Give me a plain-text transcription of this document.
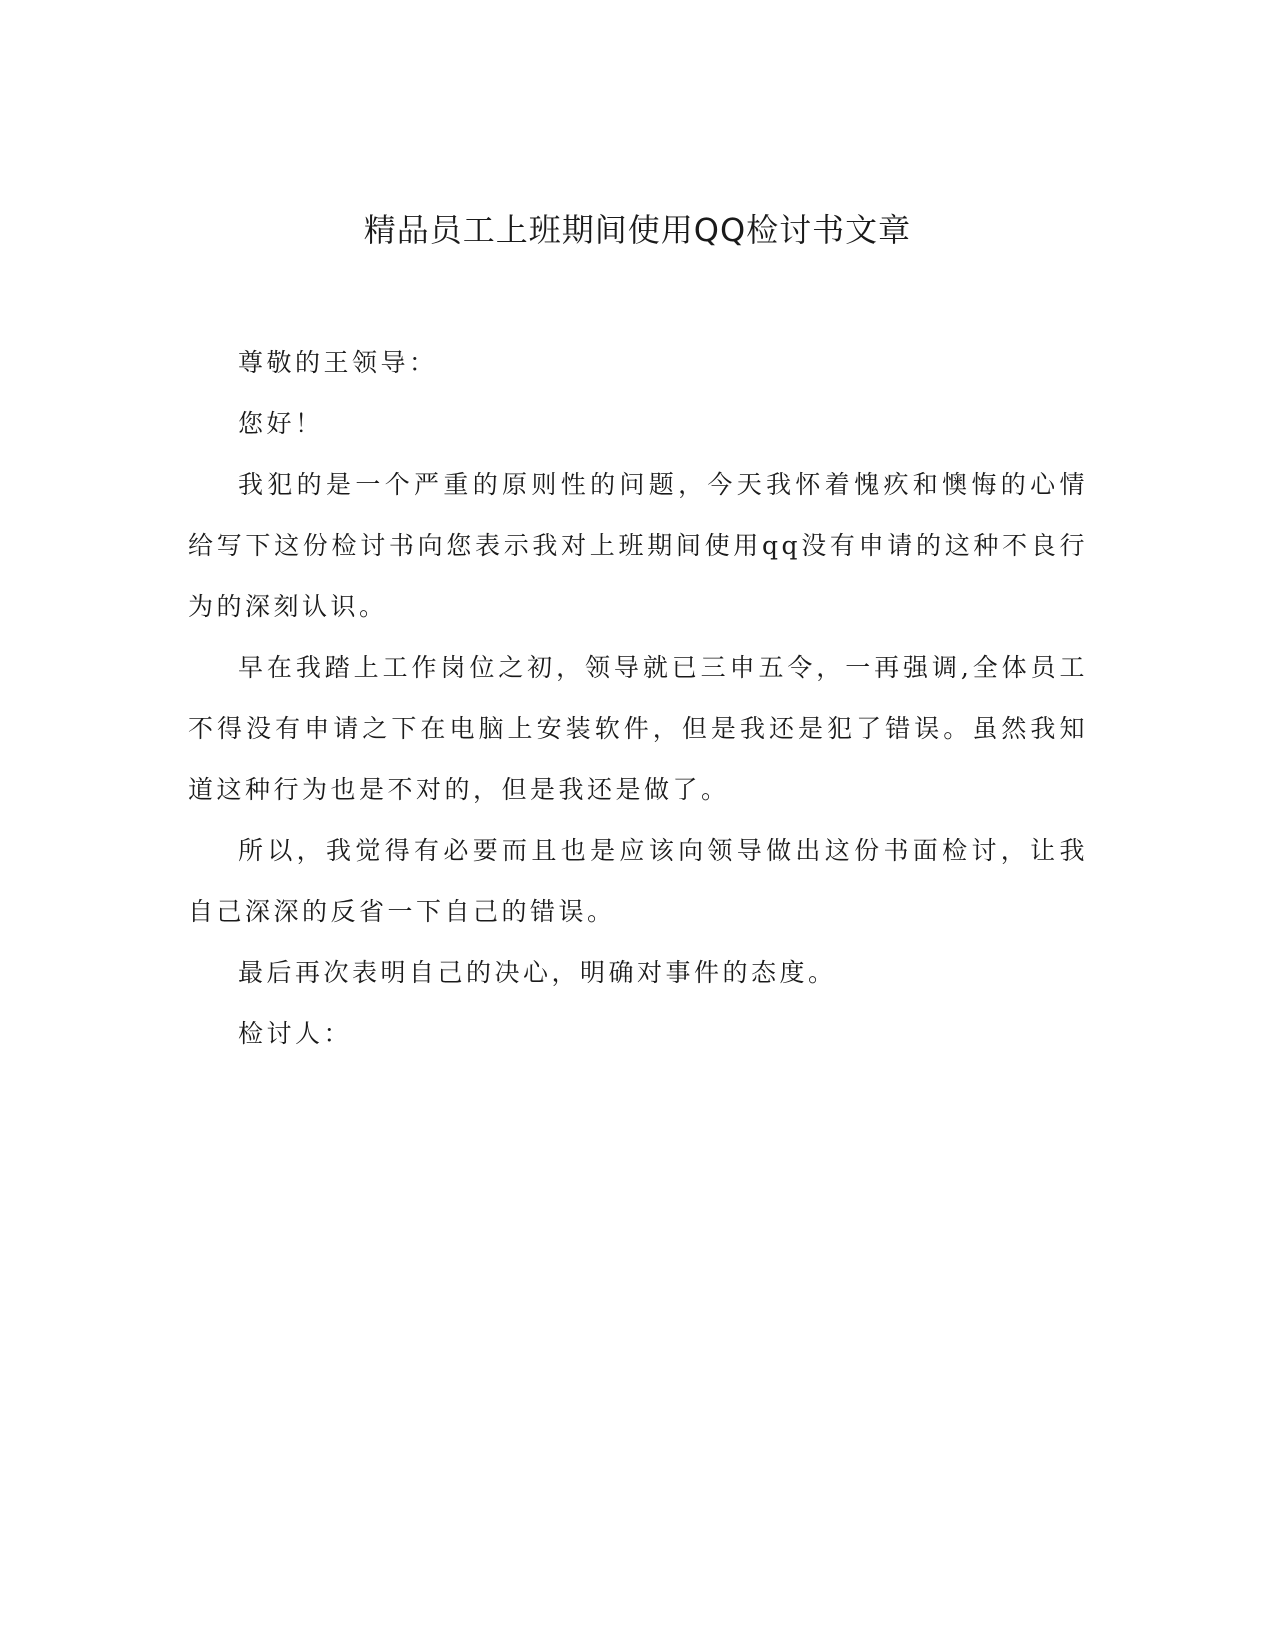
精品员工上班期间使用QQ检讨书文章

尊敬的王领导：

您好！

我犯的是一个严重的原则性的问题，今天我怀着愧疚和懊悔的心情给写下这份检讨书向您表示我对上班期间使用qq没有申请的这种不良行为的深刻认识。

早在我踏上工作岗位之初，领导就已三申五令，一再强调,全体员工不得没有申请之下在电脑上安装软件，但是我还是犯了错误。虽然我知道这种行为也是不对的，但是我还是做了。

所以，我觉得有必要而且也是应该向领导做出这份书面检讨，让我自己深深的反省一下自己的错误。

最后再次表明自己的决心，明确对事件的态度。

检讨人：
